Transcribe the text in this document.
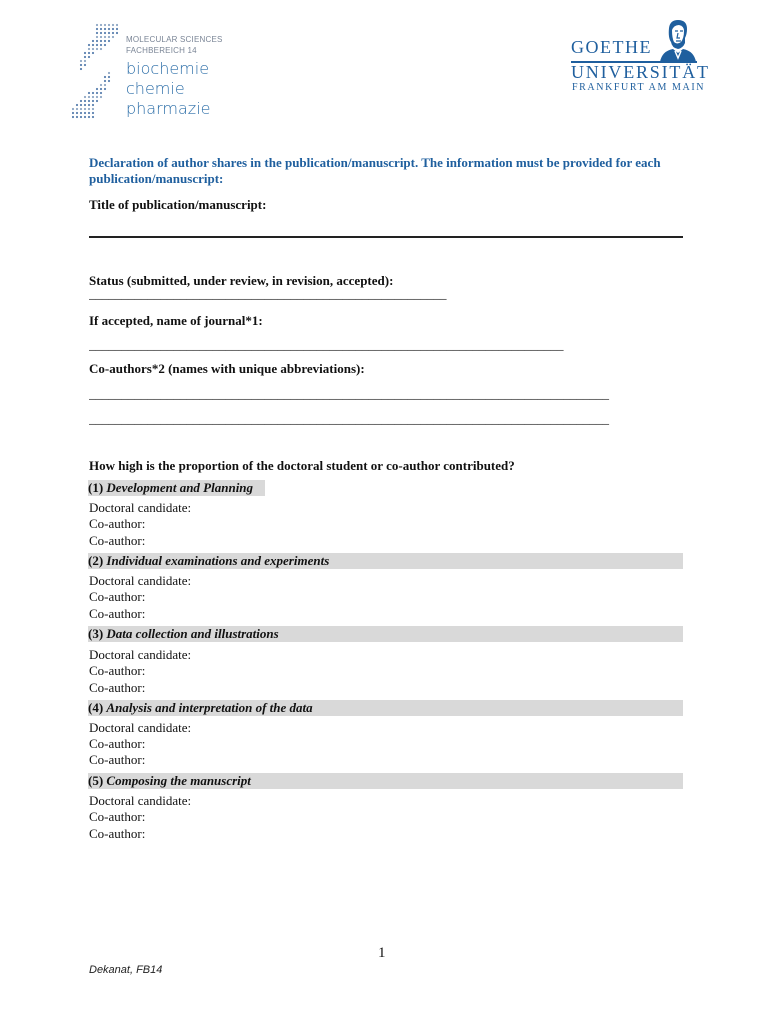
MOLECULAR SCIENCES
FACHBEREICH 14
biochemie
chemie
pharmazie
GOETHE
UNIVERSITÄT
FRANKFURT AM MAIN
Declaration of author shares in the publication/manuscript. The information must be provided for each publication/manuscript:
Title of publication/manuscript:
Status (submitted, under review, in revision, accepted):
_______________________________________________________
If accepted, name of journal*1:
_________________________________________________________________________
Co-authors*2 (names with unique abbreviations):
________________________________________________________________________________
________________________________________________________________________________
How high is the proportion of the doctoral student or co-author contributed?
(1) Development and Planning
Doctoral candidate:
Co-author:
Co-author:
(2) Individual examinations and experiments
Doctoral candidate:
Co-author:
Co-author:
(3) Data collection and illustrations
Doctoral candidate:
Co-author:
Co-author:
(4) Analysis and interpretation of the data
Doctoral candidate:
Co-author:
Co-author:
(5) Composing the manuscript
Doctoral candidate:
Co-author:
Co-author:
1
Dekanat, FB14
